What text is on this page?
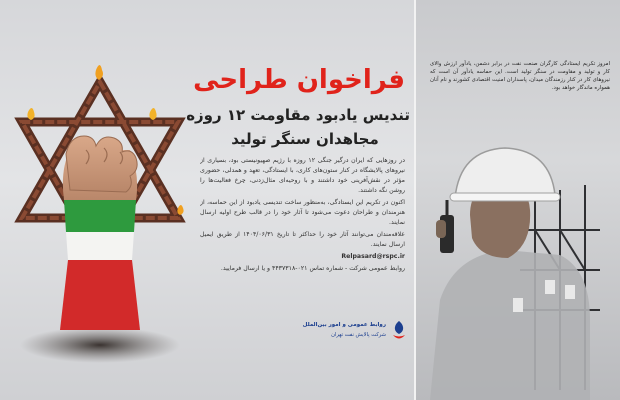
فراخوان طراحی
تندیس یادبود مقاومت ۱۲ روزه
مجاهدان سنگر تولید

در روزهایی که ایران درگیر جنگی ۱۲ روزه با رژیم صهیونیستی بود، بسیاری از نیروهای پالایشگاه در کنار ستون‌های کاری، با ایستادگی، تعهد و همدلی، حضوری مؤثر در نقش‌آفرینی خود داشتند و با روحیه‌ای مثال‌زدنی، چرخ فعالیت‌ها را روشن نگه داشتند.

اکنون در تکریم این ایستادگی، به‌منظور ساخت تندیسی یادبود از این حماسه، از هنرمندان و طراحان دعوت می‌شود تا آثار خود را در قالب طرح اولیه ارسال نمایند.

علاقه‌مندان می‌توانند آثار خود را حداکثر تا تاریخ ۱۴۰۴/۰۶/۳۱ از طریق ایمیل ارسال نمایند.

Relpasard@rspc.ir

روابط عمومی شرکت - شماره تماس ۰۲۱-۴۴۳۷۳۱۸ و یا ارسال فرمایید.

روابط عمومی و امور بین‌الملل
شرکت پالایش نفت تهران
امروز تکریم ایستادگی کارگران صنعت نفت در برابر دشمن، یادآور ارزش والای کار و تولید و مقاومت در سنگر تولید است. این حماسه یادآور آن است که نیروهای کار در کنار رزمندگان میدان، پاسداران امنیت اقتصادی کشورند و نام آنان همواره ماندگار خواهد بود.
